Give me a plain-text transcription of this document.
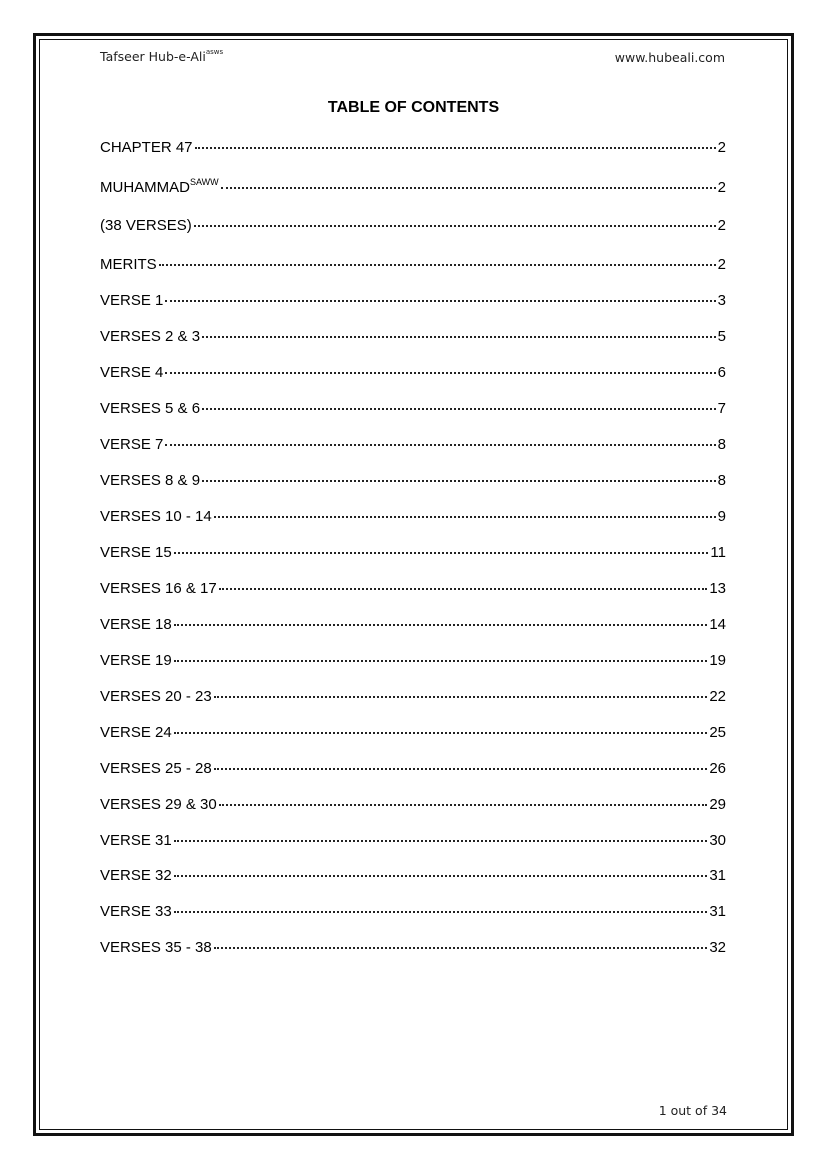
Tafseer Hub-e-Ali$^{asws}$	www.hubeali.com
TABLE OF CONTENTS
CHAPTER 47	2
$MUHAMMAD^{SAWW}$	2
(38 VERSES)	2
MERITS	2
VERSE 1	3
VERSES 2 & 3	5
VERSE 4	6
VERSES 5 & 6	7
VERSE 7	8
VERSES 8 & 9	8
VERSES 10 - 14	9
VERSE 15	11
VERSES 16 & 17	13
VERSE 18	14
VERSE 19	19
VERSES 20 - 23	22
VERSE 24	25
VERSES 25 - 28	26
VERSES 29 & 30	29
VERSE 31	30
VERSE 32	31
VERSE 33	31
VERSES 35 - 38	32
1 out of 34
